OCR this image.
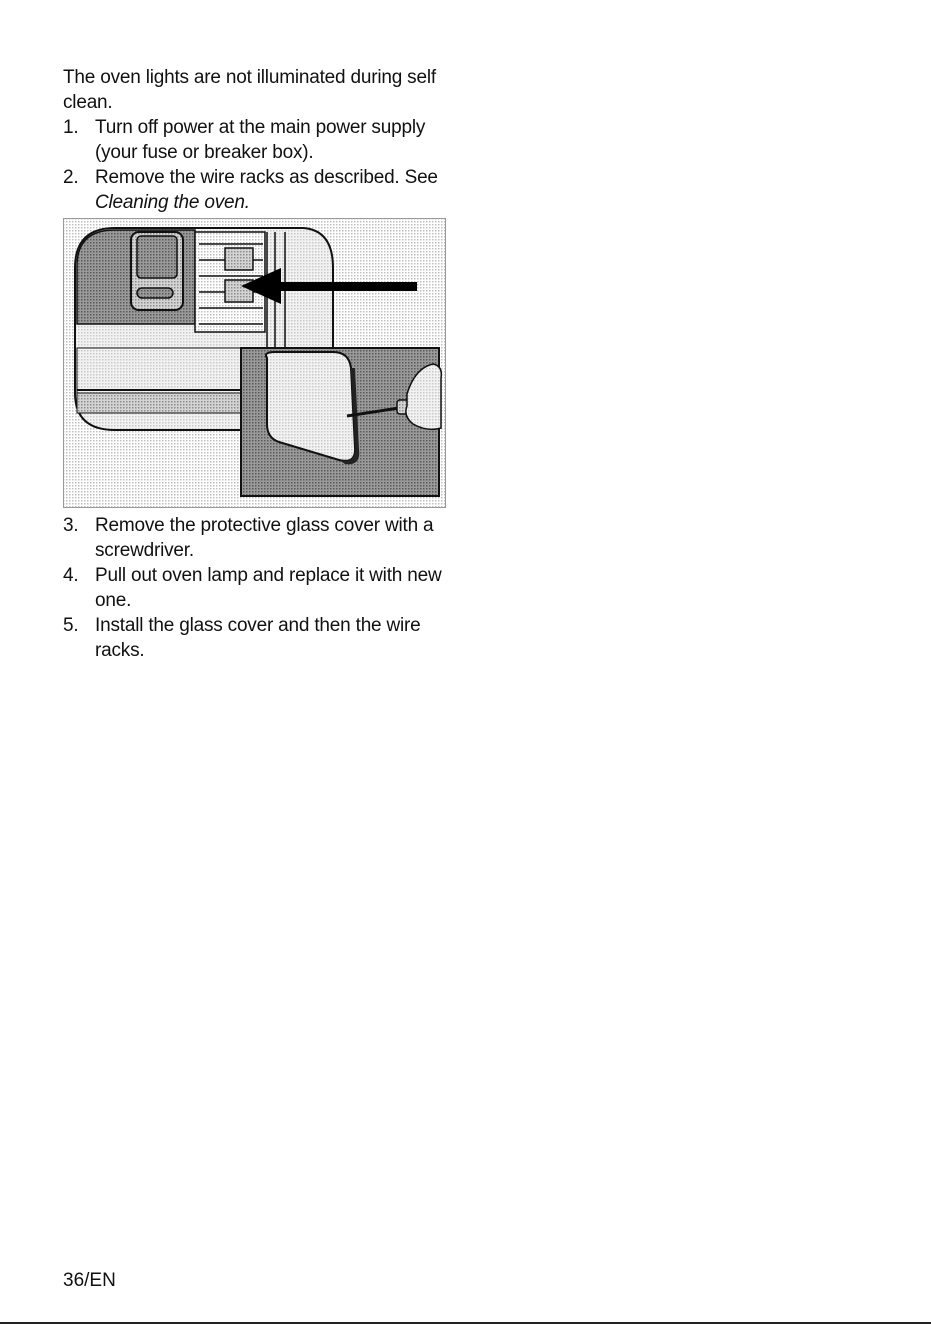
The oven lights are not illuminated during self clean.

1. Turn off power at the main power supply (your fuse or breaker box).
2. Remove the wire racks as described. See Cleaning the oven.
3. Remove the protective glass cover with a screwdriver.
4. Pull out oven lamp and replace it with new one.
5. Install the glass cover and then the wire racks.
36/EN
